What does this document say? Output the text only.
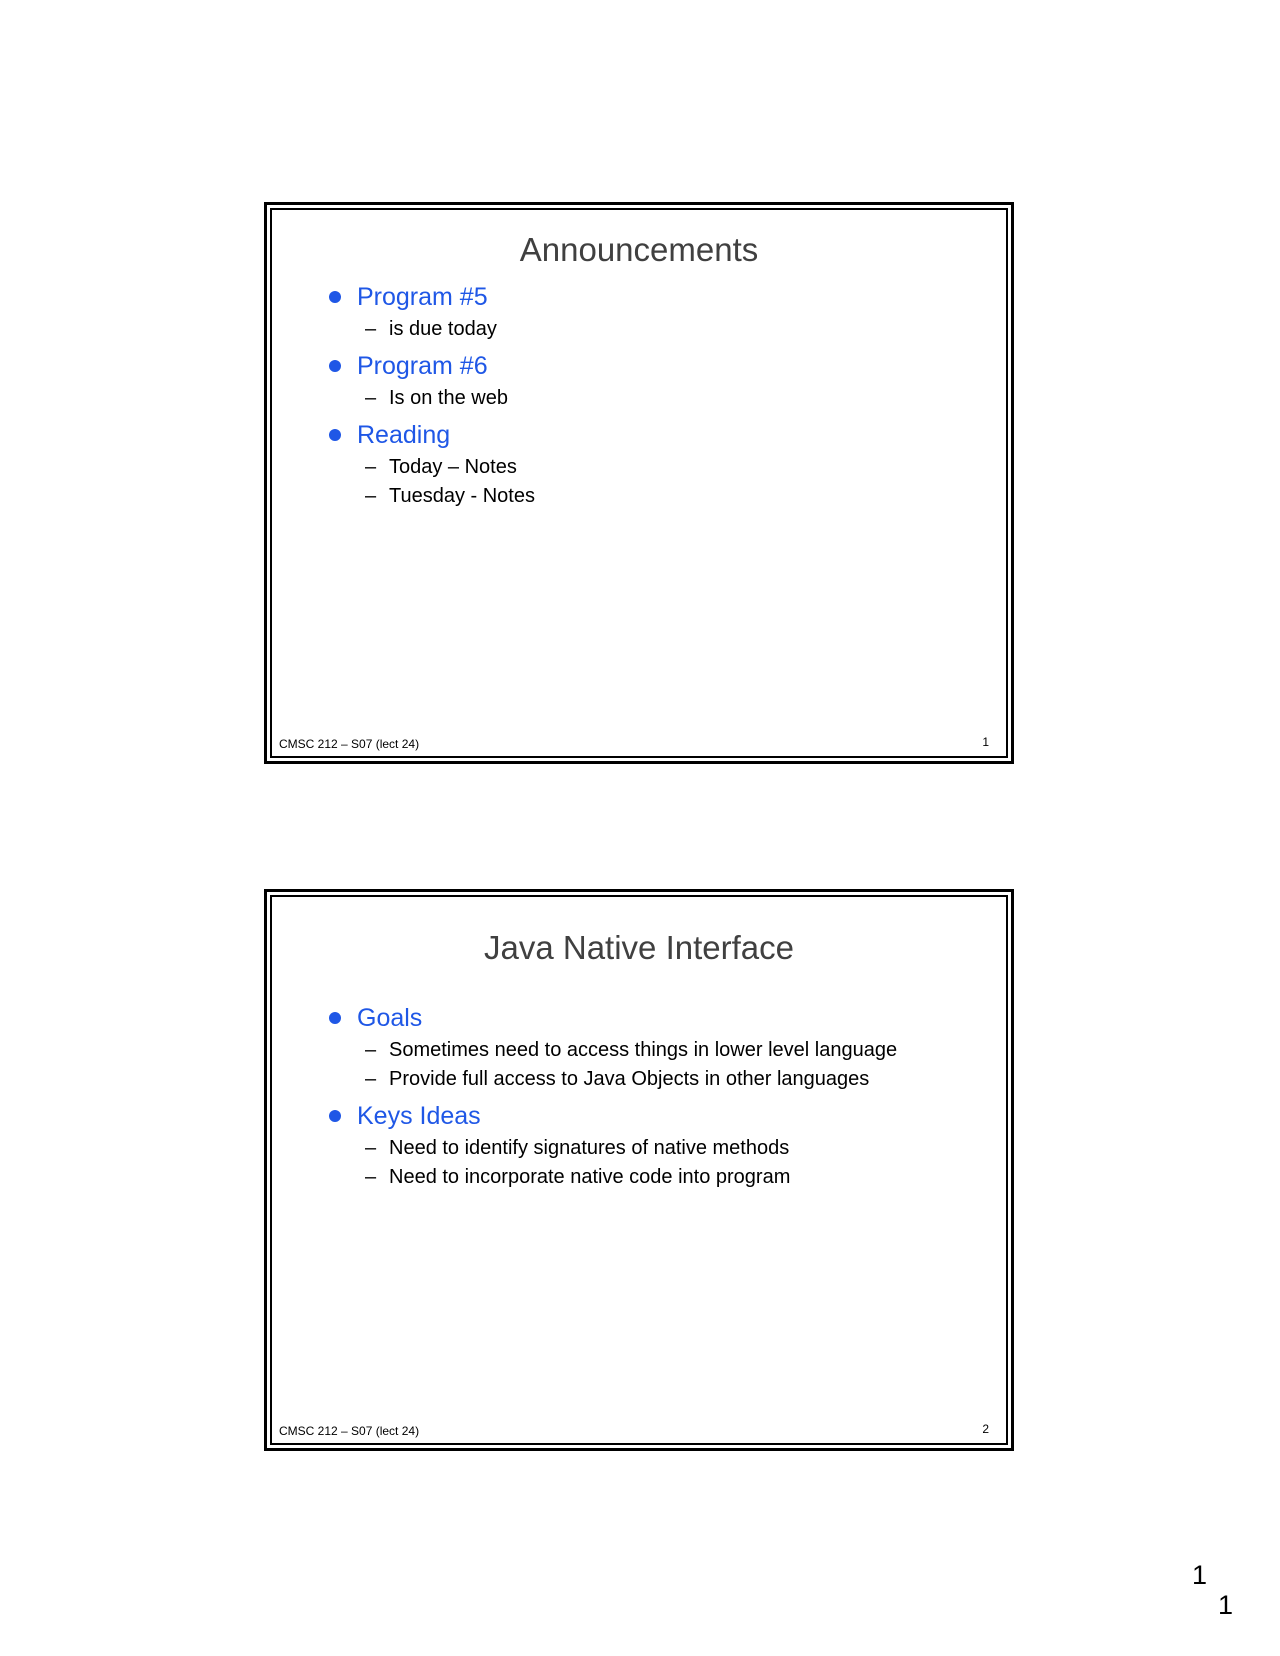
Announcements
Program #5
– is due today
Program #6
– Is on the web
Reading
– Today – Notes
– Tuesday - Notes
CMSC 212 – S07 (lect 24)	1
Java Native Interface
Goals
– Sometimes need to access things in lower level language
– Provide full access to Java Objects in other languages
Keys Ideas
– Need to identify signatures of native methods
– Need to incorporate native code into program
CMSC 212 – S07 (lect 24)	2
1
1
